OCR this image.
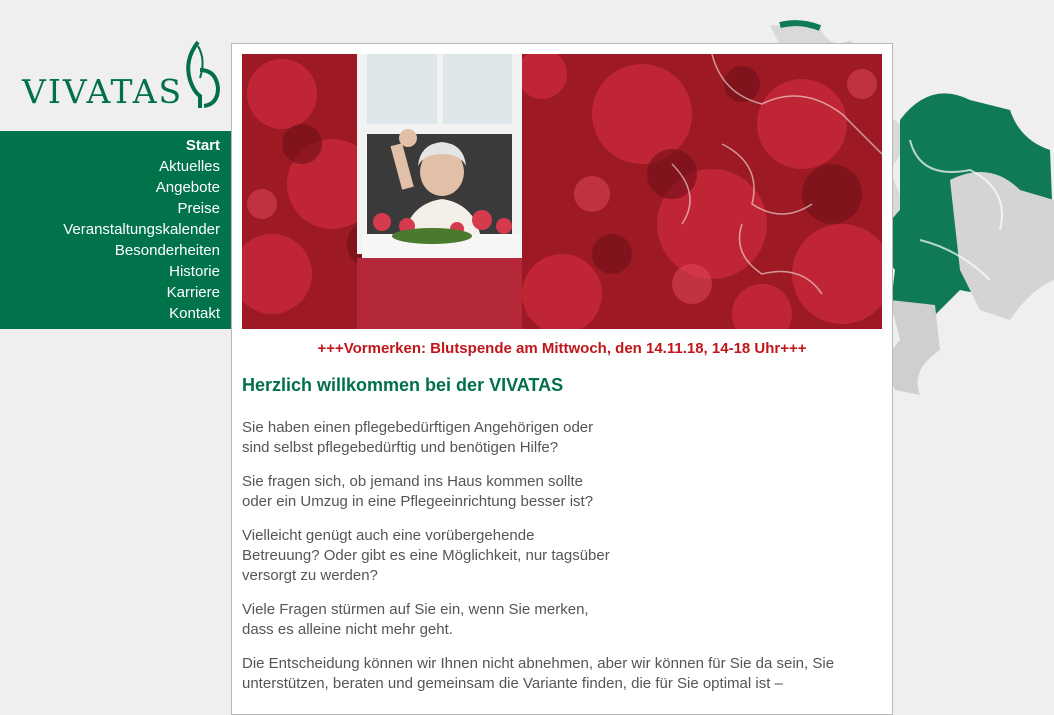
VIVATAS
Start
Aktuelles
Angebote
Preise
Veranstaltungskalender
Besonderheiten
Historie
Karriere
Kontakt
+++Vormerken: Blutspende am Mittwoch, den 14.11.18, 14-18 Uhr+++
Herzlich willkommen bei der VIVATAS

Sie haben einen pflegebedürftigen Angehörigen oder sind selbst pflegebedürftig und benötigen Hilfe?

Sie fragen sich, ob jemand ins Haus kommen sollte oder ein Umzug in eine Pflegeeinrichtung besser ist?

Vielleicht genügt auch eine vorübergehende Betreuung? Oder gibt es eine Möglichkeit, nur tagsüber versorgt zu werden?

Viele Fragen stürmen auf Sie ein, wenn Sie merken, dass es alleine nicht mehr geht.

Die Entscheidung können wir Ihnen nicht abnehmen, aber wir können für Sie da sein, Sie unterstützen, beraten und gemeinsam die Variante finden, die für Sie optimal ist –
